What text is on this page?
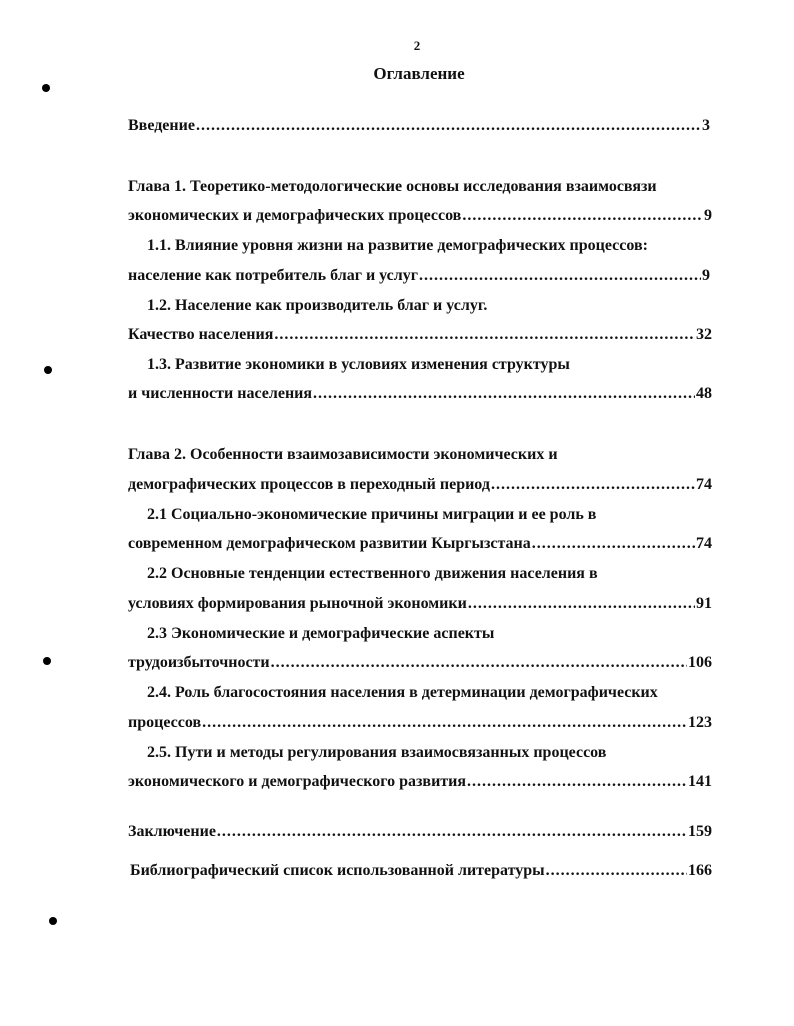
2
Оглавление
Введение .....	3
Глава 1. Теоретико-методологические основы исследования взаимосвязи
экономических и демографических процессов .....	9
1.1. Влияние уровня жизни на развитие демографических процессов:
население как потребитель благ и услуг .....	9
1.2. Население как производитель благ и услуг.
Качество населения .....	32
1.3. Развитие экономики в условиях изменения структуры
и численности населения .....	48
Глава 2. Особенности взаимозависимости экономических и
демографических процессов в переходный период .....	74
2.1 Социально-экономические причины миграции и ее роль в
современном демографическом развитии Кыргызстана .....	74
2.2 Основные тенденции естественного движения населения в
условиях формирования рыночной экономики .....	91
2.3 Экономические и демографические аспекты
трудоизбыточности .....	106
2.4. Роль благосостояния населения в детерминации демографических
процессов .....	123
2.5. Пути и методы регулирования взаимосвязанных процессов
экономического и демографического развития .....	141
Заключение .....	159
Библиографический список использованной литературы .....	166
